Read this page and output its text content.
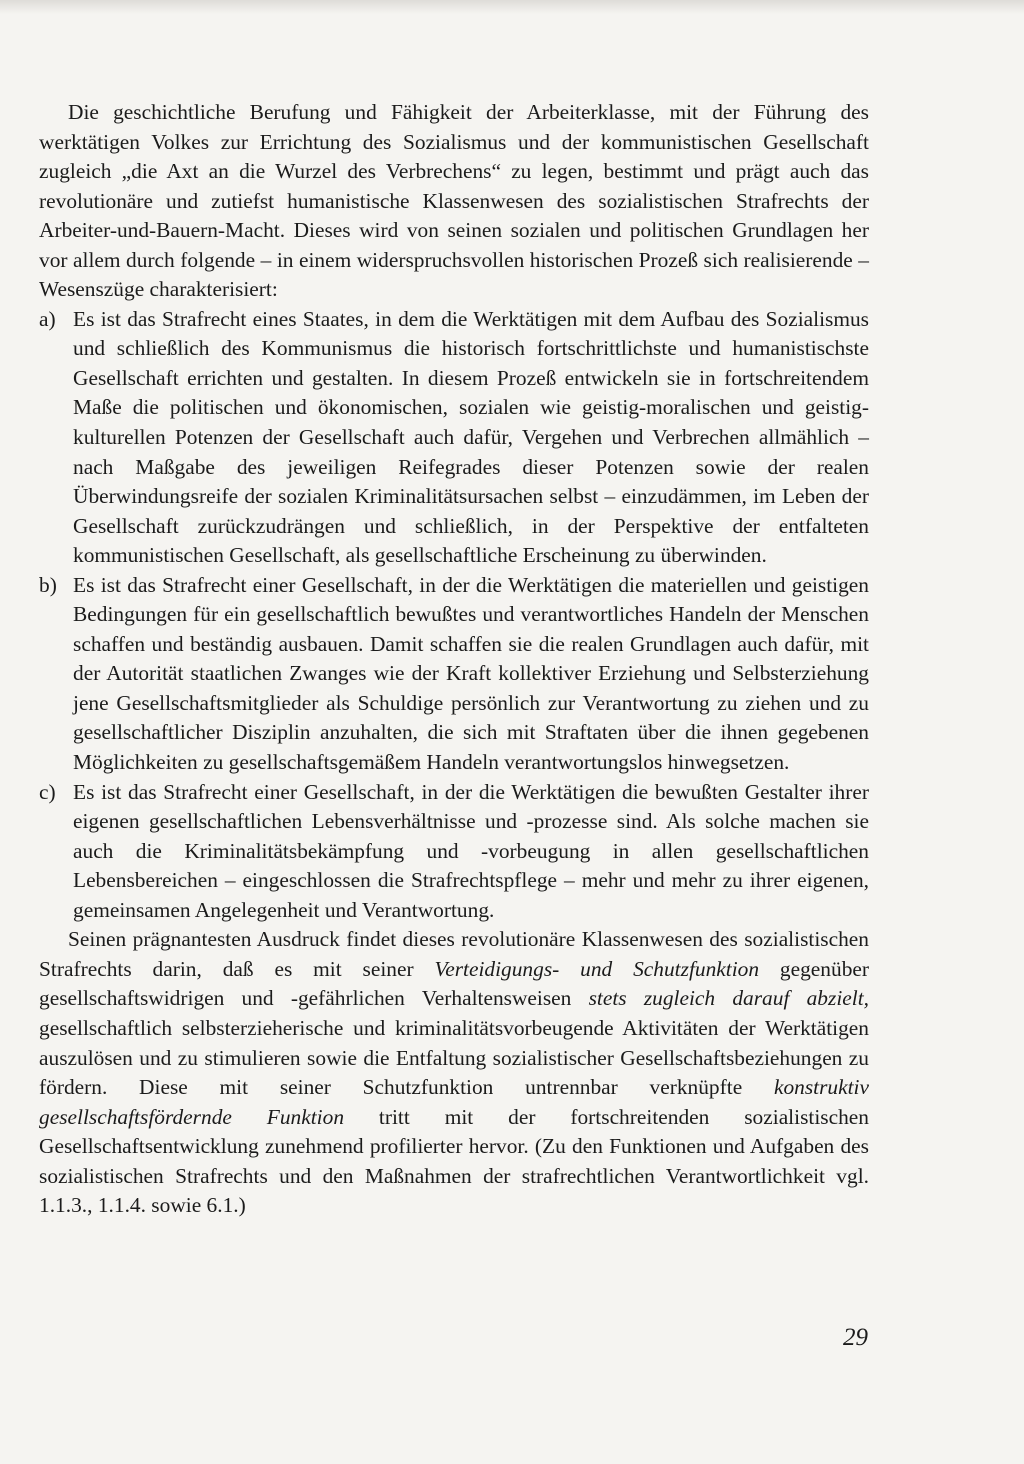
Die geschichtliche Berufung und Fähigkeit der Arbeiterklasse, mit der Führung des werktätigen Volkes zur Errichtung des Sozialismus und der kommunistischen Gesellschaft zugleich „die Axt an die Wurzel des Verbrechens“ zu legen, bestimmt und prägt auch das revolutionäre und zutiefst humanistische Klassenwesen des sozialistischen Strafrechts der Arbeiter-und-Bauern-Macht. Dieses wird von seinen sozialen und politischen Grundlagen her vor allem durch folgende – in einem widerspruchsvollen historischen Prozeß sich realisierende – Wesenszüge charakterisiert:

a) Es ist das Strafrecht eines Staates, in dem die Werktätigen mit dem Aufbau des Sozialismus und schließlich des Kommunismus die historisch fortschrittlichste und humanistischste Gesellschaft errichten und gestalten. In diesem Prozeß entwickeln sie in fortschreitendem Maße die politischen und ökonomischen, sozialen wie geistig-moralischen und geistig-kulturellen Potenzen der Gesellschaft auch dafür, Vergehen und Verbrechen allmählich – nach Maßgabe des jeweiligen Reifegrades dieser Potenzen sowie der realen Überwindungsreife der sozialen Kriminalitätsursachen selbst – einzudämmen, im Leben der Gesellschaft zurückzudrängen und schließlich, in der Perspektive der entfalteten kommunistischen Gesellschaft, als gesellschaftliche Erscheinung zu überwinden.
b) Es ist das Strafrecht einer Gesellschaft, in der die Werktätigen die materiellen und geistigen Bedingungen für ein gesellschaftlich bewußtes und verantwortliches Handeln der Menschen schaffen und beständig ausbauen. Damit schaffen sie die realen Grundlagen auch dafür, mit der Autorität staatlichen Zwanges wie der Kraft kollektiver Erziehung und Selbsterziehung jene Gesellschaftsmitglieder als Schuldige persönlich zur Verantwortung zu ziehen und zu gesellschaftlicher Disziplin anzuhalten, die sich mit Straftaten über die ihnen gegebenen Möglichkeiten zu gesellschaftsgemäßem Handeln verantwortungslos hinwegsetzen.
c) Es ist das Strafrecht einer Gesellschaft, in der die Werktätigen die bewußten Gestalter ihrer eigenen gesellschaftlichen Lebensverhältnisse und -prozesse sind. Als solche machen sie auch die Kriminalitätsbekämpfung und -vorbeugung in allen gesellschaftlichen Lebensbereichen – eingeschlossen die Strafrechtspflege – mehr und mehr zu ihrer eigenen, gemeinsamen Angelegenheit und Verantwortung.

Seinen prägnantesten Ausdruck findet dieses revolutionäre Klassenwesen des sozialistischen Strafrechts darin, daß es mit seiner Verteidigungs- und Schutzfunktion gegenüber gesellschaftswidrigen und -gefährlichen Verhaltensweisen stets zugleich darauf abzielt, gesellschaftlich selbsterzieherische und kriminalitätsvorbeugende Aktivitäten der Werktätigen auszulösen und zu stimulieren sowie die Entfaltung sozialistischer Gesellschaftsbeziehungen zu fördern. Diese mit seiner Schutzfunktion untrennbar verknüpfte konstruktiv gesellschaftsfördernde Funktion tritt mit der fortschreitenden sozialistischen Gesellschaftsentwicklung zunehmend profilierter hervor. (Zu den Funktionen und Aufgaben des sozialistischen Strafrechts und den Maßnahmen der strafrechtlichen Verantwortlichkeit vgl. 1.1.3., 1.1.4. sowie 6.1.)

29
